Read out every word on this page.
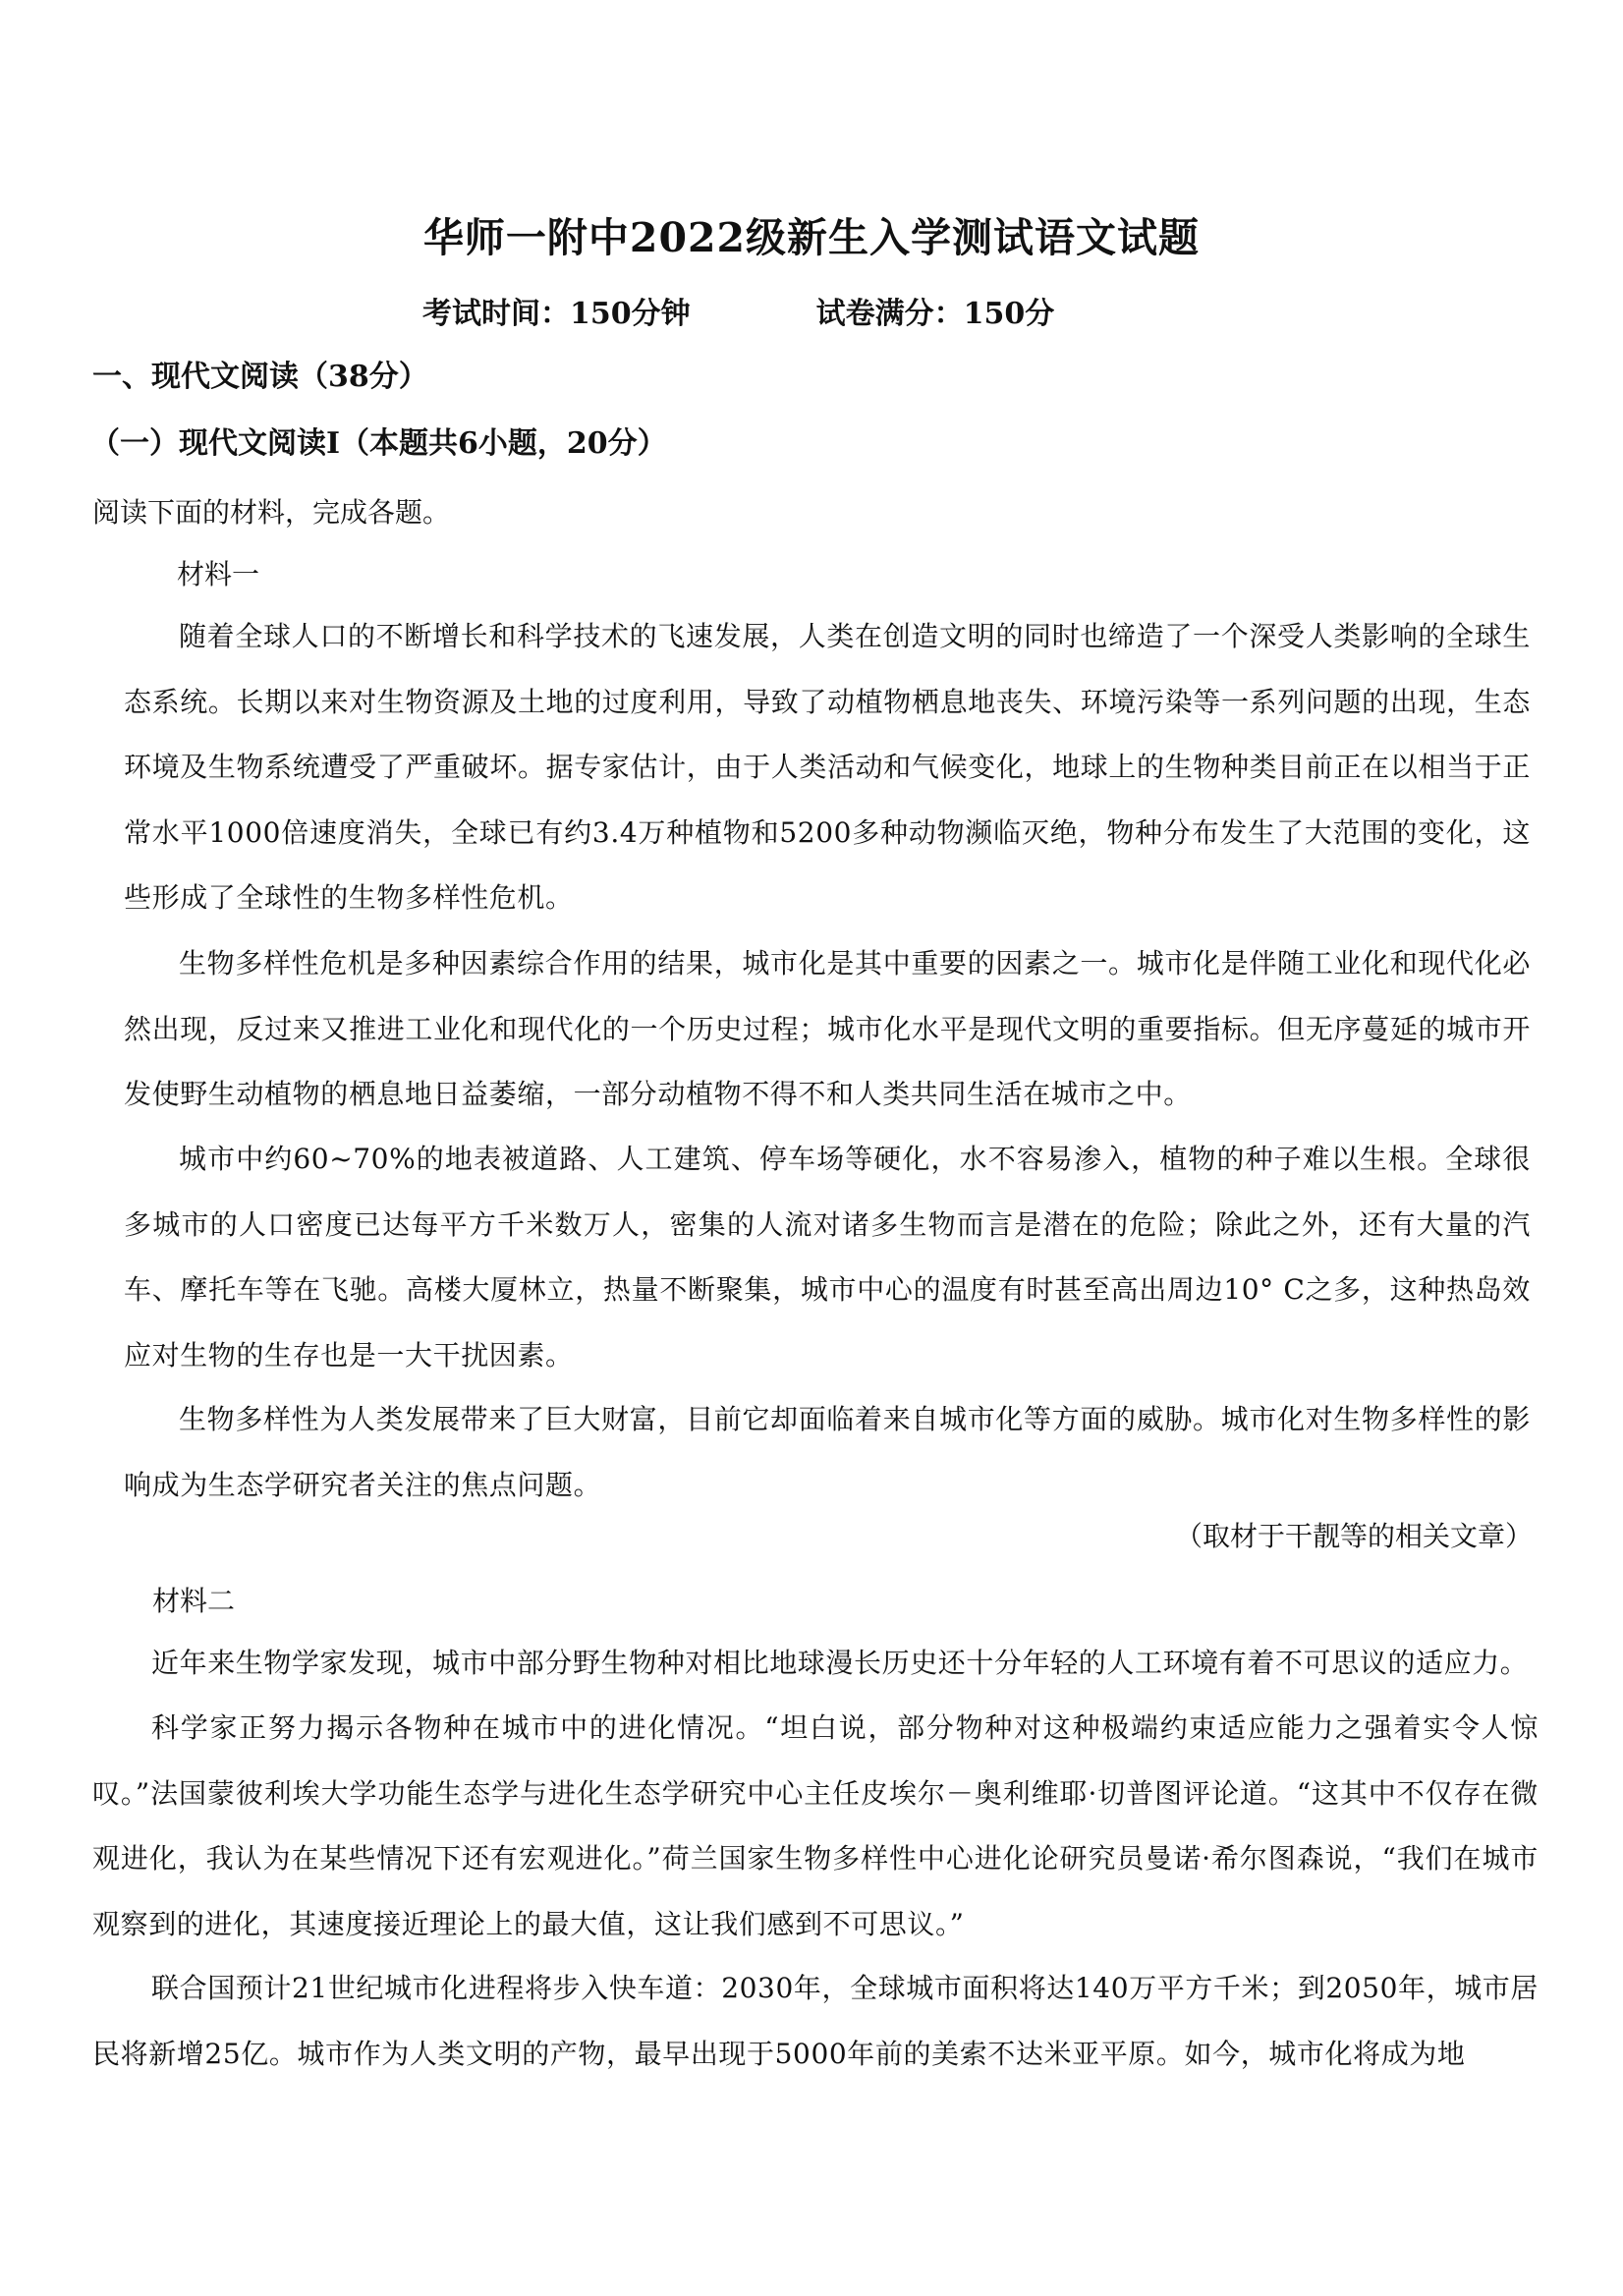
华师一附中2022级新生入学测试语文试题
考试时间：150分钟	试卷满分：150分
一、现代文阅读（38分）
（一）现代文阅读Ⅰ（本题共6小题，20分）
阅读下面的材料，完成各题。
材料一
随着全球人口的不断增长和科学技术的飞速发展，人类在创造文明的同时也缔造了一个深受人类影响的全球生态系统。长期以来对生物资源及土地的过度利用，导致了动植物栖息地丧失、环境污染等一系列问题的出现，生态环境及生物系统遭受了严重破坏。据专家估计，由于人类活动和气候变化，地球上的生物种类目前正在以相当于正常水平1000倍速度消失，全球已有约3.4万种植物和5200多种动物濒临灭绝，物种分布发生了大范围的变化，这些形成了全球性的生物多样性危机。
生物多样性危机是多种因素综合作用的结果，城市化是其中重要的因素之一。城市化是伴随工业化和现代化必然出现，反过来又推进工业化和现代化的一个历史过程；城市化水平是现代文明的重要指标。但无序蔓延的城市开发使野生动植物的栖息地日益萎缩，一部分动植物不得不和人类共同生活在城市之中。
城市中约60~70%的地表被道路、人工建筑、停车场等硬化，水不容易渗入，植物的种子难以生根。全球很多城市的人口密度已达每平方千米数万人，密集的人流对诸多生物而言是潜在的危险；除此之外，还有大量的汽车、摩托车等在飞驰。高楼大厦林立，热量不断聚集，城市中心的温度有时甚至高出周边10° C之多，这种热岛效应对生物的生存也是一大干扰因素。
生物多样性为人类发展带来了巨大财富，目前它却面临着来自城市化等方面的威胁。城市化对生物多样性的影响成为生态学研究者关注的焦点问题。
（取材于干靓等的相关文章）
材料二
近年来生物学家发现，城市中部分野生物种对相比地球漫长历史还十分年轻的人工环境有着不可思议的适应力。
科学家正努力揭示各物种在城市中的进化情况。“坦白说，部分物种对这种极端约束适应能力之强着实令人惊叹。”法国蒙彼利埃大学功能生态学与进化生态学研究中心主任皮埃尔－奥利维耶·切普图评论道。“这其中不仅存在微观进化，我认为在某些情况下还有宏观进化。”荷兰国家生物多样性中心进化论研究员曼诺·希尔图森说，“我们在城市观察到的进化，其速度接近理论上的最大值，这让我们感到不可思议。”
联合国预计21世纪城市化进程将步入快车道：2030年，全球城市面积将达140万平方千米；到2050年，城市居民将新增25亿。城市作为人类文明的产物，最早出现于5000年前的美索不达米亚平原。如今，城市化将成为地
